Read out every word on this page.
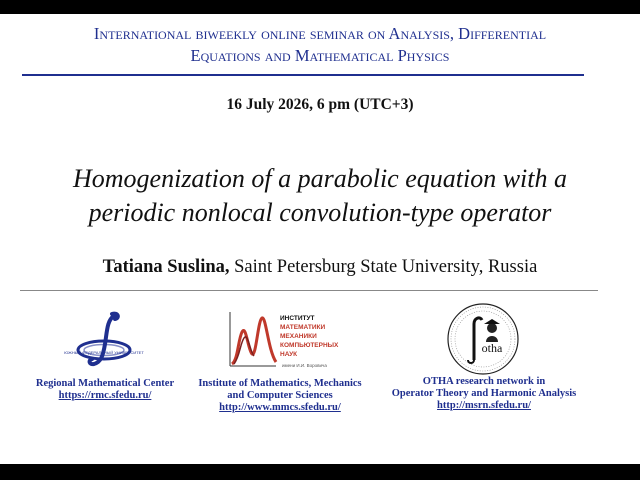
International biweekly online seminar on Analysis, Differential
Equations and Mathematical Physics
16 July 2026, 6 pm (UTC+3)
Homogenization of a parabolic equation with a
periodic nonlocal convolution-type operator
Tatiana Suslina, Saint Petersburg State University, Russia
ЮЖНЫЙ ФЕДЕРАЛЬНЫЙ УНИВЕРСИТЕТ
ИНСТИТУТ
МАТЕМАТИКИ
МЕХАНИКИ
КОМПЬЮТЕРНЫХ
НАУК
имени И.И. Воровича
otha
Regional Mathematical Center
https://rmc.sfedu.ru/
Institute of Mathematics, Mechanics
and Computer Sciences
http://www.mmcs.sfedu.ru/
OTHA research network in
Operator Theory and Harmonic Analysis
http://msrn.sfedu.ru/
